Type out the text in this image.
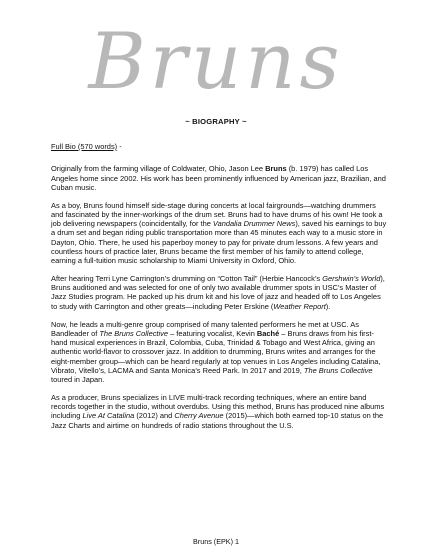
Bruns
~ BIOGRAPHY ~

Full Bio (570 words) -

Originally from the farming village of Coldwater, Ohio, Jason Lee Bruns (b. 1979) has called Los Angeles home since 2002. His work has been prominently influenced by American jazz, Brazilian, and Cuban music.

As a boy, Bruns found himself side-stage during concerts at local fairgrounds—watching drummers and fascinated by the inner-workings of the drum set. Bruns had to have drums of his own! He took a job delivering newspapers (coincidentally, for the Vandalia Drummer News), saved his earnings to buy a drum set and began riding public transportation more than 45 minutes each way to a music store in Dayton, Ohio. There, he used his paperboy money to pay for private drum lessons. A few years and countless hours of practice later, Bruns became the first member of his family to attend college, earning a full-tuition music scholarship to Miami University in Oxford, Ohio.

After hearing Terri Lyne Carrington’s drumming on “Cotton Tail” (Herbie Hancock’s Gershwin’s World), Bruns auditioned and was selected for one of only two available drummer spots in USC’s Master of Jazz Studies program. He packed up his drum kit and his love of jazz and headed off to Los Angeles to study with Carrington and other greats—including Peter Erskine (Weather Report).

Now, he leads a multi-genre group comprised of many talented performers he met at USC. As Bandleader of The Bruns Collective – featuring vocalist, Kevin Baché – Bruns draws from his first-hand musical experiences in Brazil, Colombia, Cuba, Trinidad & Tobago and West Africa, giving an authentic world-flavor to crossover jazz. In addition to drumming, Bruns writes and arranges for the eight-member group—which can be heard regularly at top venues in Los Angeles including Catalina, Vibrato, Vitello’s, LACMA and Santa Monica’s Reed Park. In 2017 and 2019, The Bruns Collective toured in Japan.

As a producer, Bruns specializes in LIVE multi-track recording techniques, where an entire band records together in the studio, without overdubs. Using this method, Bruns has produced nine albums including Live At Catalina (2012) and Cherry Avenue (2015)—which both earned top-10 status on the Jazz Charts and airtime on hundreds of radio stations throughout the U.S.

Bruns (EPK) 1
